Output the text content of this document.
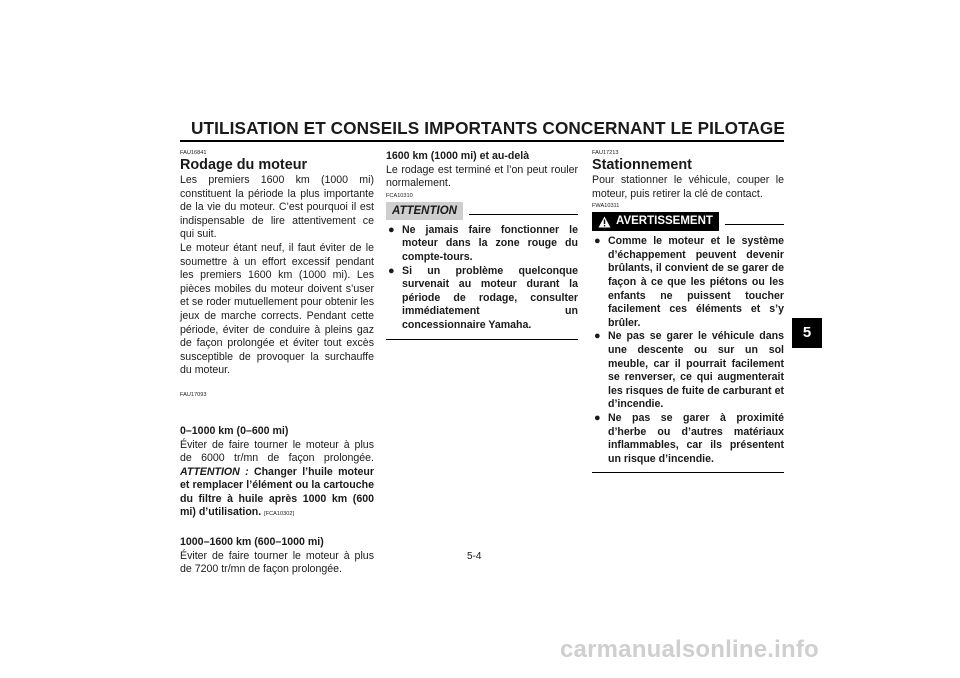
UTILISATION ET CONSEILS IMPORTANTS CONCERNANT LE PILOTAGE
5

FAU16841

Rodage du moteur

Les premiers 1600 km (1000 mi) constituent la période la plus importante de la vie du moteur. C’est pourquoi il est indispensable de lire attentivement ce qui suit.

Le moteur étant neuf, il faut éviter de le soumettre à un effort excessif pendant les premiers 1600 km (1000 mi). Les pièces mobiles du moteur doivent s’user et se roder mutuellement pour obtenir les jeux de marche corrects. Pendant cette période, éviter de conduire à pleins gaz de façon prolongée et éviter tout excès susceptible de provoquer la surchauffe du moteur.

FAU17093

0–1000 km (0–600 mi)

Éviter de faire tourner le moteur à plus de 6000 tr/mn de façon prolongée. ATTENTION : Changer l’huile moteur et remplacer l’élément ou la cartouche du filtre à huile après 1000 km (600 mi) d’utilisation. [FCA10302]

1000–1600 km (600–1000 mi)

Éviter de faire tourner le moteur à plus de 7200 tr/mn de façon prolongée.

1600 km (1000 mi) et au-delà

Le rodage est terminé et l’on peut rouler normalement.

FCA10310

ATTENTION
● Ne jamais faire fonctionner le moteur dans la zone rouge du compte-tours.
● Si un problème quelconque survenait au moteur durant la période de rodage, consulter immédiatement un concessionnaire Yamaha.

FAU17213

Stationnement

Pour stationner le véhicule, couper le moteur, puis retirer la clé de contact.

FWA10311

AVERTISSEMENT
● Comme le moteur et le système d’échappement peuvent devenir brûlants, il convient de se garer de façon à ce que les piétons ou les enfants ne puissent toucher facilement ces éléments et s’y brûler.
● Ne pas se garer le véhicule dans une descente ou sur un sol meuble, car il pourrait facilement se renverser, ce qui augmenterait les risques de fuite de carburant et d’incendie.
● Ne pas se garer à proximité d’herbe ou d’autres matériaux inflammables, car ils présentent un risque d’incendie.
5-4
carmanualsonline.info
